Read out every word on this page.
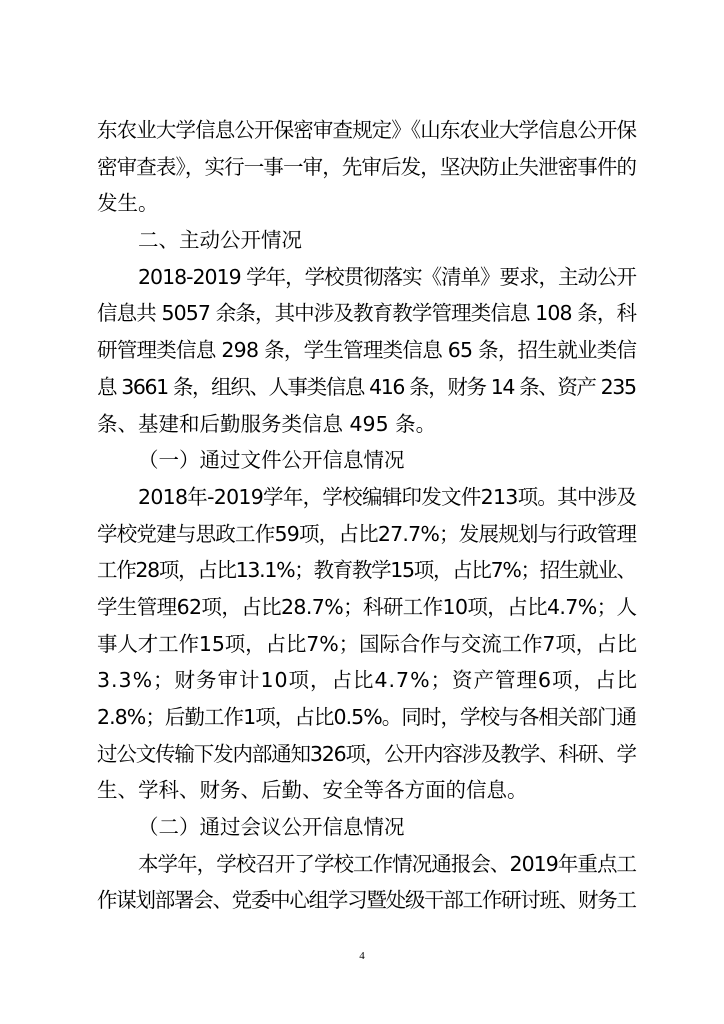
东农业大学信息公开保密审查规定》《山东农业大学信息公开保
密审查表》，实行一事一审，先审后发，坚决防止失泄密事件的
发生。
二、主动公开情况
2018-2019 学年，学校贯彻落实《清单》要求，主动公开
信息共 5057 余条，其中涉及教育教学管理类信息 108 条，科
研管理类信息 298 条，学生管理类信息 65 条，招生就业类信
息 3661 条，组织、人事类信息 416 条，财务 14 条、资产 235
条、基建和后勤服务类信息 495 条。
（一）通过文件公开信息情况
2018年-2019学年，学校编辑印发文件213项。其中涉及
学校党建与思政工作59项，占比27.7%；发展规划与行政管理
工作28项，占比13.1%；教育教学15项，占比7%；招生就业、
学生管理62项，占比28.7%；科研工作10项，占比4.7%；人
事人才工作15项，占比7%；国际合作与交流工作7项，占比
3.3%；财务审计10项，占比4.7%；资产管理6项，占比
2.8%；后勤工作1项，占比0.5%。同时，学校与各相关部门通
过公文传输下发内部通知326项，公开内容涉及教学、科研、学
生、学科、财务、后勤、安全等各方面的信息。
（二）通过会议公开信息情况
本学年，学校召开了学校工作情况通报会、2019年重点工
作谋划部署会、党委中心组学习暨处级干部工作研讨班、财务工
4
